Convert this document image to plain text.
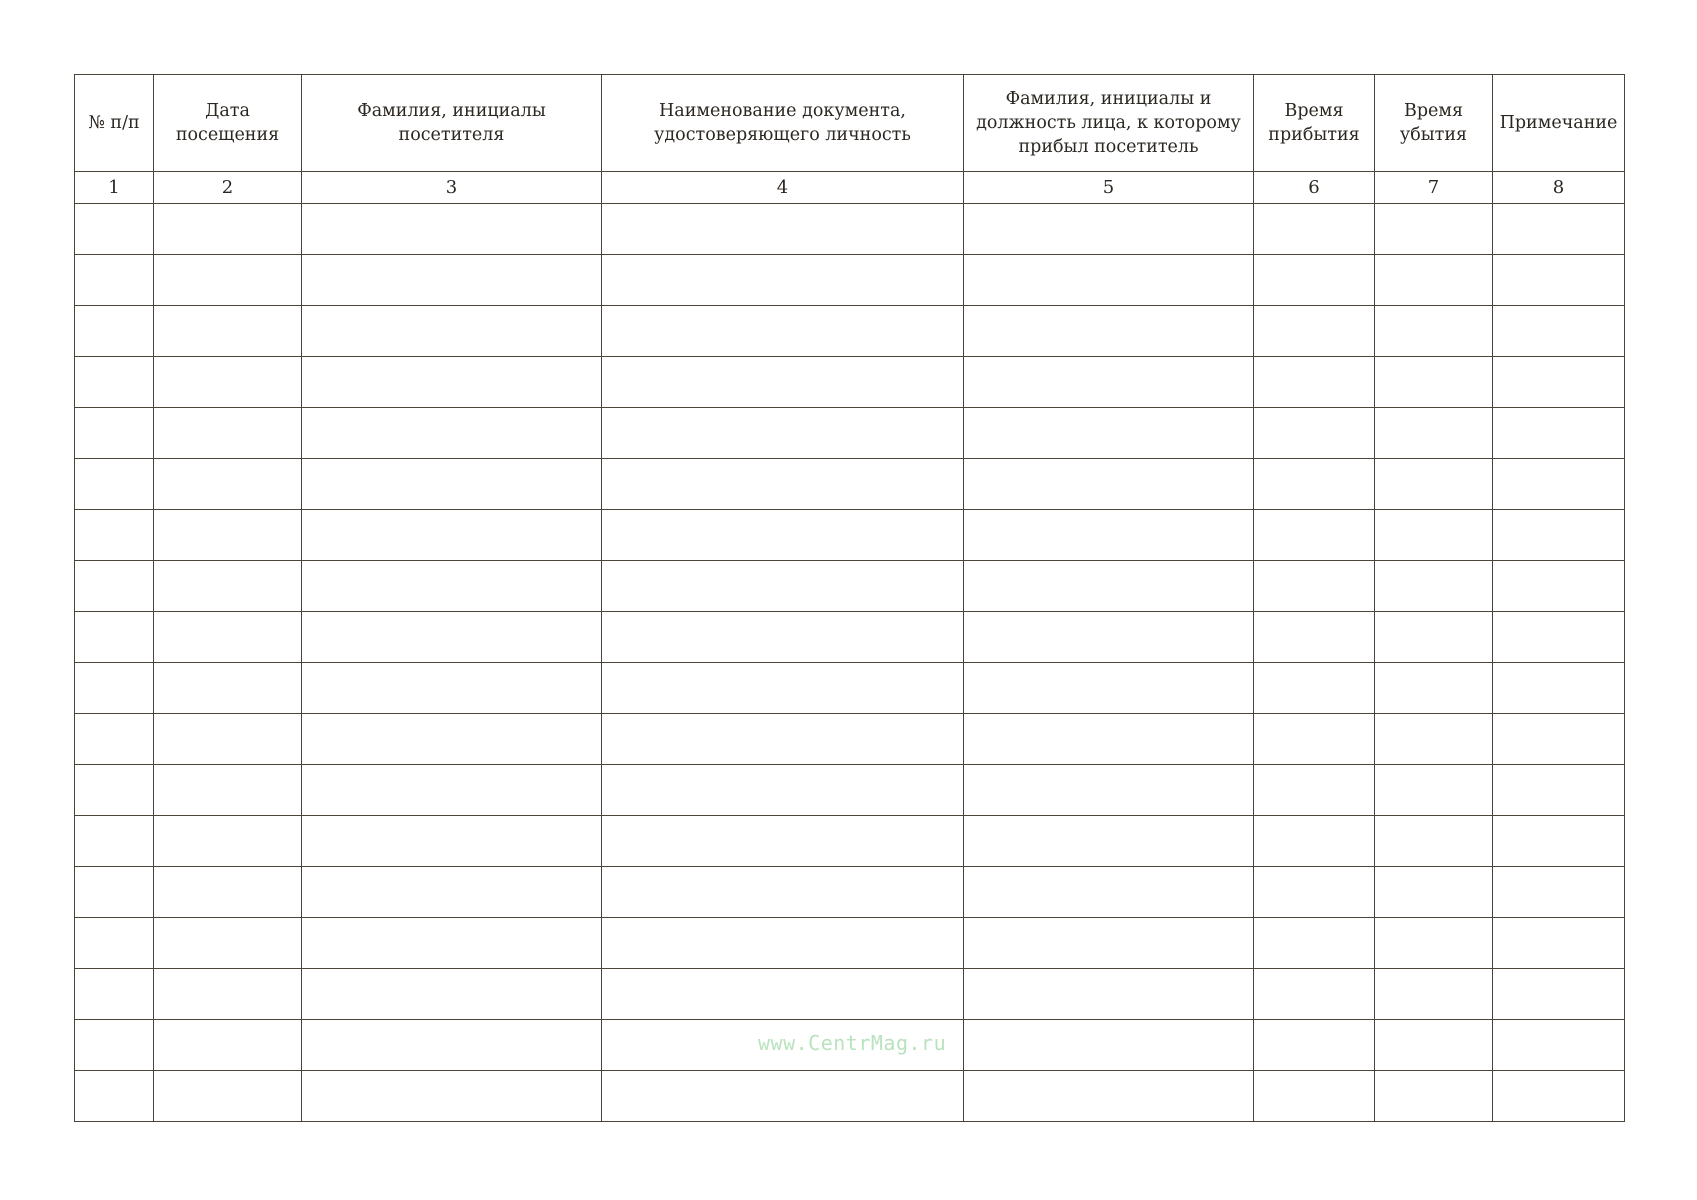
№ п/п	Дата посещения	Фамилия, инициалы посетителя	Наименование документа, удостоверяющего личность	Фамилия, инициалы и должность лица, к которому прибыл посетитель	Время прибытия	Время убытия	Примечание
1	2	3	4	5	6	7	8

www.CentrMag.ru
